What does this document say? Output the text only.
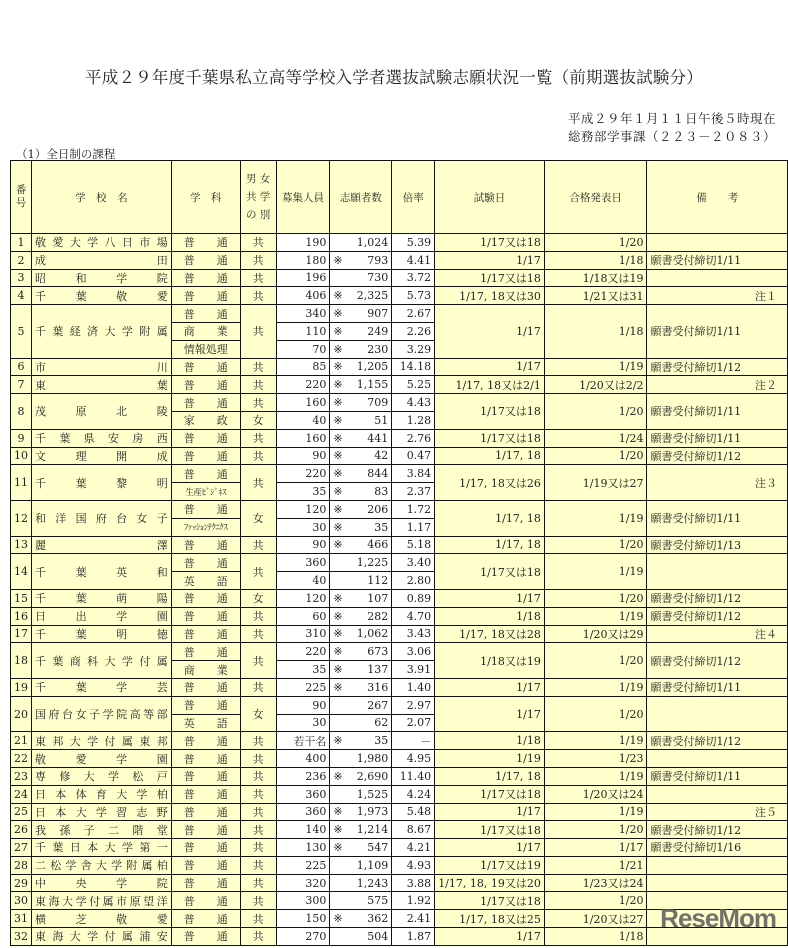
平成２９年度千葉県私立高等学校入学者選抜試験志願状況一覧（前期選抜試験分）
平成２９年１月１１日午後５時現在
総務部学事課（２２３－２０８３）
（1）全日制の課程
番号	学　校　名	学　科	男 女
共 学
の 別	募集人員	志願者数	倍率	試験日	合格発表日	備　　考
1	敬愛大学八日市場	普通	共	190	1,024	5.39	1/17又は18	1/20	
2	成田	普通	共	180	※ 793	4.41	1/17	1/18	願書受付締切1/11
3	昭和学院	普通	共	196	730	3.72	1/17又は18	1/18又は19	
4	千葉敬愛	普通	共	406	※ 2,325	5.73	1/17, 18又は30	1/21又は31	注１
5	千葉経済大学附属	普通	共	340	※ 907	2.67	1/17	1/18	願書受付締切1/11
		商業		110	※ 249	2.26			
		情報処理		70	※ 230	3.29			
6	市川	普通	共	85	※ 1,205	14.18	1/17	1/19	願書受付締切1/12
7	東葉	普通	共	220	※ 1,155	5.25	1/17, 18又は2/1	1/20又は2/2	注２
8	茂原北陵	普通	共	160	※ 709	4.43	1/17又は18	1/20	願書受付締切1/11
		家政	女	40	※ 51	1.28			
9	千葉県安房西	普通	共	160	※ 441	2.76	1/17又は18	1/24	願書受付締切1/11
10	文理開成	普通	共	90	※ 42	0.47	1/17, 18	1/20	願書受付締切1/12
11	千葉黎明	普通	共	220	※ 844	3.84	1/17, 18又は26	1/19又は27	注３
		生産ﾋﾞｼﾞﾈｽ		35	※ 83	2.37			
12	和洋国府台女子	普通	女	120	※ 206	1.72	1/17, 18	1/19	願書受付締切1/11
		ﾌｧｯｼｮﾝﾃｸﾆｸｽ		30	※ 35	1.17			
13	麗澤	普通	共	90	※ 466	5.18	1/17, 18	1/20	願書受付締切1/13
14	千葉英和	普通	共	360	1,225	3.40	1/17又は18	1/19	
		英語		40	112	2.80			
15	千葉萌陽	普通	女	120	※ 107	0.89	1/17	1/20	願書受付締切1/12
16	日出学園	普通	共	60	※ 282	4.70	1/18	1/19	願書受付締切1/12
17	千葉明徳	普通	共	310	※ 1,062	3.43	1/17, 18又は28	1/20又は29	注４
18	千葉商科大学付属	普通	共	220	※ 673	3.06	1/18又は19	1/20	願書受付締切1/12
		商業		35	※ 137	3.91			
19	千葉学芸	普通	共	225	※ 316	1.40	1/17	1/19	願書受付締切1/11
20	国府台女子学院高等部	普通	女	90	267	2.97	1/17	1/20	
		英語		30	62	2.07			
21	東邦大学付属東邦	普通	共	若干名	※ 35	－	1/18	1/19	願書受付締切1/12
22	敬愛学園	普通	共	400	1,980	4.95	1/19	1/23	
23	専修大学松戸	普通	共	236	※ 2,690	11.40	1/17, 18	1/19	願書受付締切1/11
24	日本体育大学柏	普通	共	360	1,525	4.24	1/17又は18	1/20又は24	
25	日本大学習志野	普通	共	360	※ 1,973	5.48	1/17	1/19	注５
26	我孫子二階堂	普通	共	140	※ 1,214	8.67	1/17又は18	1/20	願書受付締切1/12
27	千葉日本大学第一	普通	共	130	※ 547	4.21	1/17	1/17	願書受付締切1/16
28	二松学舎大学附属柏	普通	共	225	1,109	4.93	1/17又は19	1/21	
29	中央学院	普通	共	320	1,243	3.88	1/17, 18, 19又は20	1/23又は24	
30	東海大学付属市原望洋	普通	共	300	575	1.92	1/17又は18	1/20	
31	横芝敬愛	普通	共	150	※ 362	2.41	1/17, 18又は25	1/20又は27	
32	東海大学付属浦安	普通	共	270	504	1.87	1/17	1/18	
ReseMom
